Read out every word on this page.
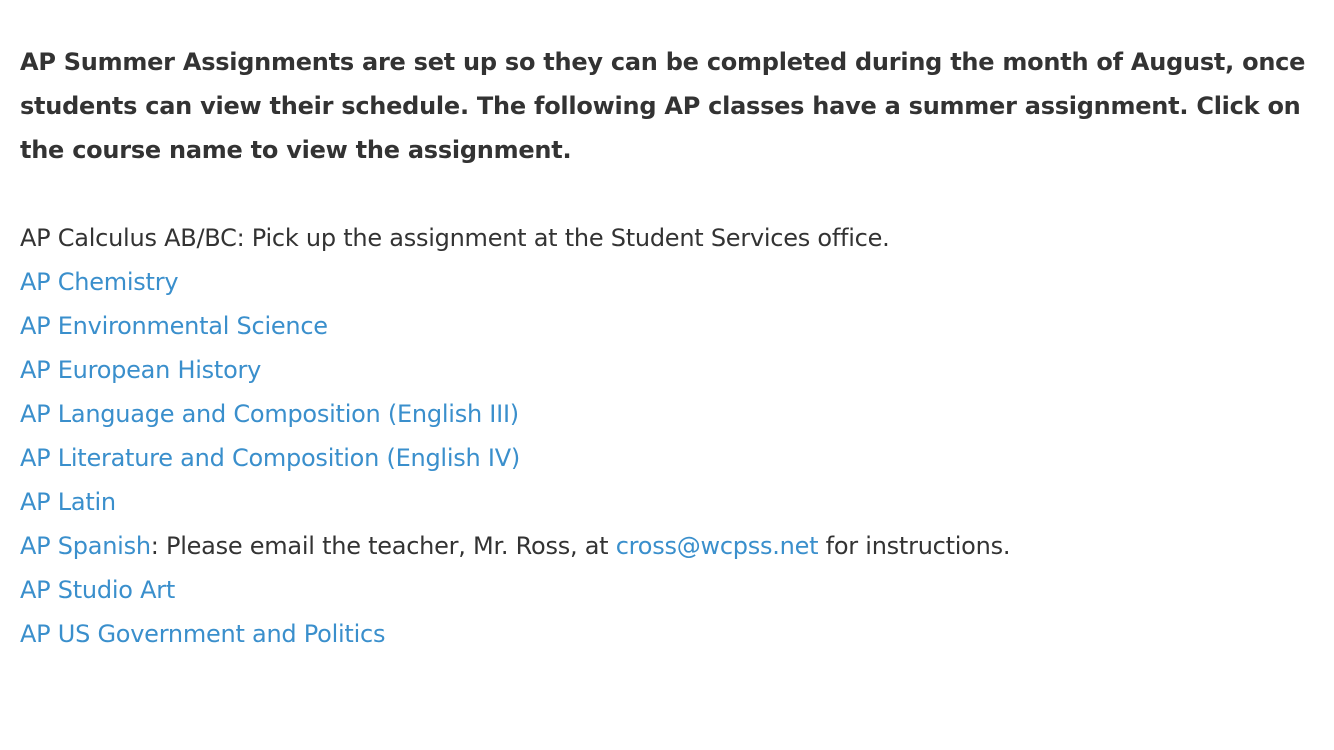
AP Summer Assignments are set up so they can be completed during the month of August, once students can view their schedule. The following AP classes have a summer assignment. Click on the course name to view the assignment.

AP Calculus AB/BC: Pick up the assignment at the Student Services office.
AP Chemistry
AP Environmental Science
AP European History
AP Language and Composition (English III)
AP Literature and Composition (English IV)
AP Latin
AP Spanish: Please email the teacher, Mr. Ross, at cross@wcpss.net for instructions.
AP Studio Art
AP US Government and Politics
